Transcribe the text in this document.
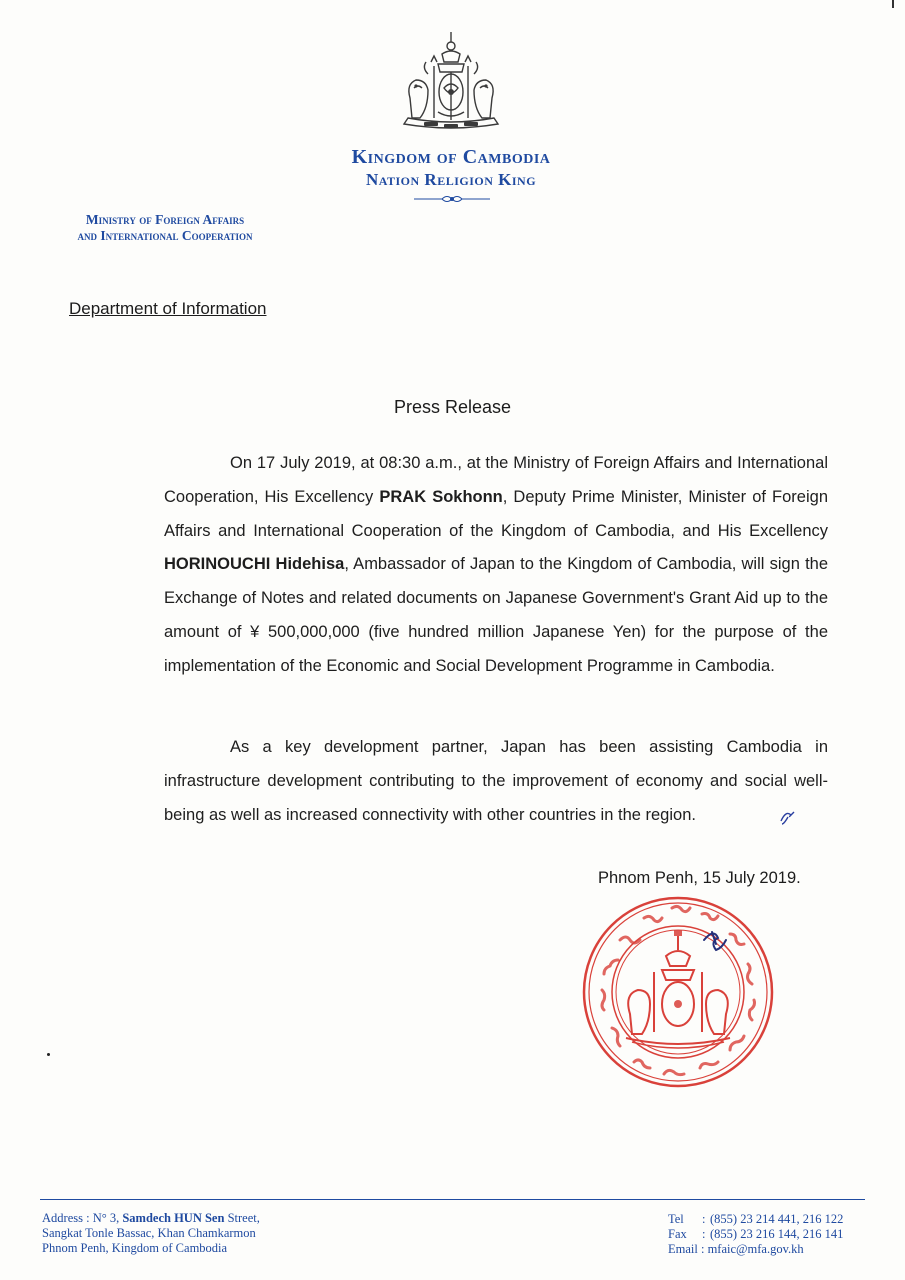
Kingdom of Cambodia
Nation Religion King
Ministry of Foreign Affairs
and International Cooperation
Department of Information
Press Release

On 17 July 2019, at 08:30 a.m., at the Ministry of Foreign Affairs and International Cooperation, His Excellency PRAK Sokhonn, Deputy Prime Minister, Minister of Foreign Affairs and International Cooperation of the Kingdom of Cambodia, and His Excellency HORINOUCHI Hidehisa, Ambassador of Japan to the Kingdom of Cambodia, will sign the Exchange of Notes and related documents on Japanese Government's Grant Aid up to the amount of ¥ 500,000,000 (five hundred million Japanese Yen) for the purpose of the implementation of the Economic and Social Development Programme in Cambodia.

As a key development partner, Japan has been assisting Cambodia in infrastructure development contributing to the improvement of economy and social well-being as well as increased connectivity with other countries in the region.

Phnom Penh, 15 July 2019.
Address : N° 3, Samdech HUN Sen Street,
Sangkat Tonle Bassac, Khan Chamkarmon
Phnom Penh, Kingdom of Cambodia
Tel : (855) 23 214 441, 216 122
Fax : (855) 23 216 144, 216 141
Email : mfaic@mfa.gov.kh
